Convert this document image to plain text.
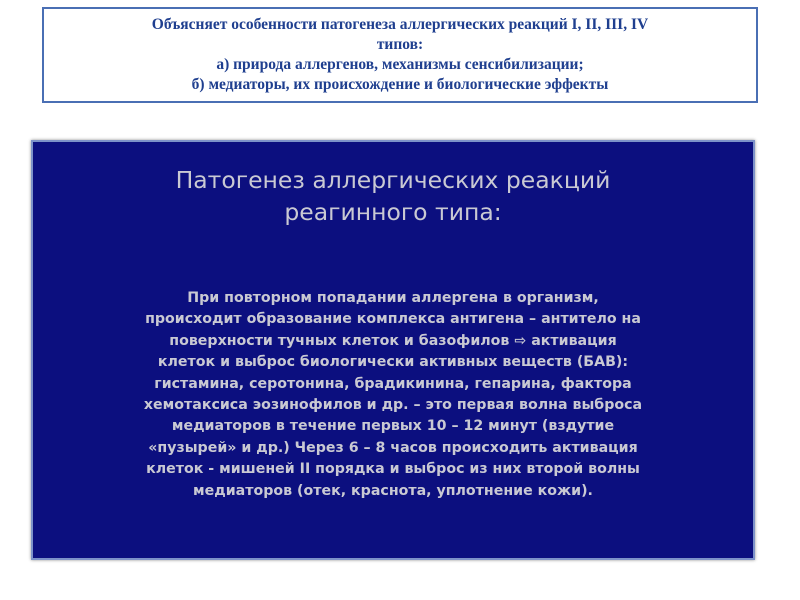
Объясняет особенности патогенеза аллергических реакций I, II, III, IV
типов:
а) природа аллергенов, механизмы сенсибилизации;
б) медиаторы, их происхождение и биологические эффекты
Патогенез аллергических реакций
реагинного типа:
При повторном попадании аллергена в организм,
происходит образование комплекса антигена – антитело на
поверхности тучных клеток и базофилов ⇨ активация
клеток и выброс биологически активных веществ (БАВ):
гистамина, серотонина, брадикинина, гепарина, фактора
хемотаксиса эозинофилов и др. – это первая волна выброса
медиаторов в течение первых 10 – 12 минут (вздутие
«пузырей» и др.) Через 6 – 8 часов происходить активация
клеток - мишеней II порядка и выброс из них второй волны
медиаторов (отек, краснота, уплотнение кожи).
